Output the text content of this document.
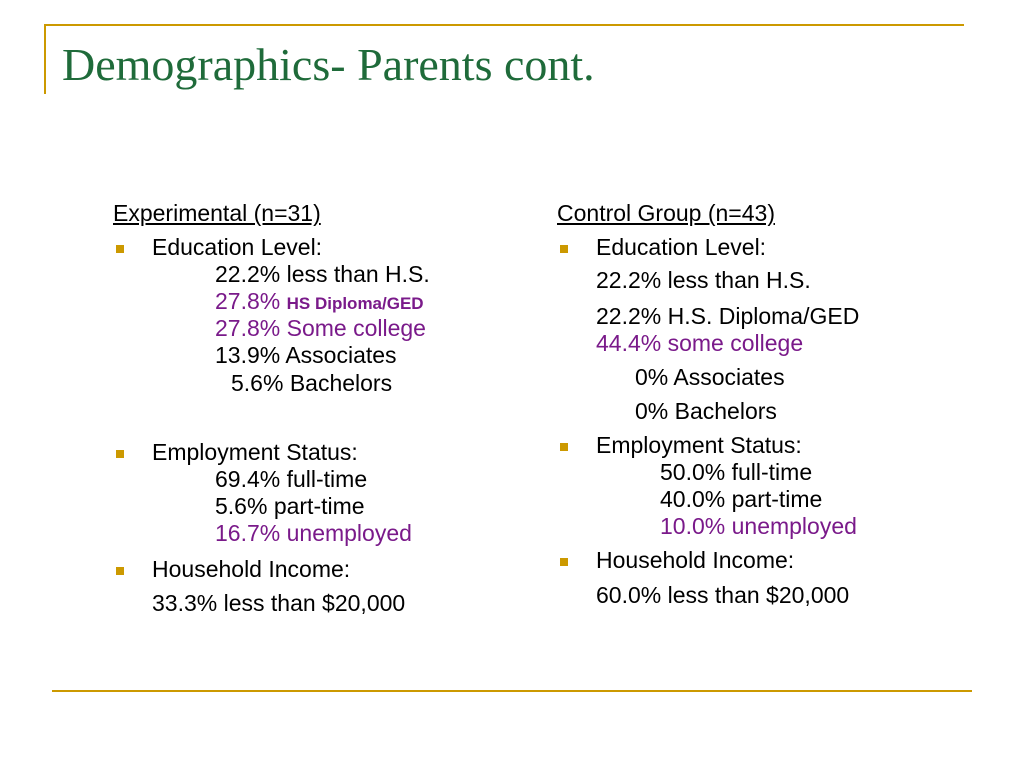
Demographics- Parents cont.
Experimental (n=31)
Education Level:
22.2% less than H.S.
27.8% HS Diploma/GED
27.8% Some college
13.9% Associates
5.6% Bachelors
Employment Status:
69.4% full-time
5.6% part-time
16.7% unemployed
Household Income:
33.3% less than $20,000
Control Group (n=43)
Education Level:
22.2% less than H.S.
22.2% H.S. Diploma/GED
44.4% some college
0% Associates
0% Bachelors
Employment Status:
50.0% full-time
40.0% part-time
10.0% unemployed
Household Income:
60.0% less than $20,000
